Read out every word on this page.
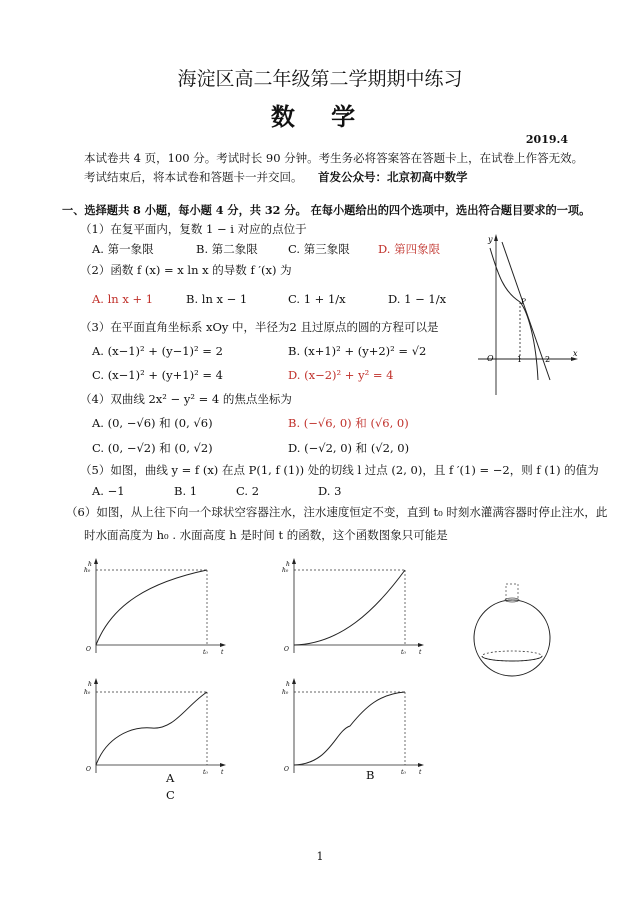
海淀区高二年级第二学期期中练习
数 学
2019.4
本试卷共 4 页，100 分。考试时长 90 分钟。考生务必将答案答在答题卡上，在试卷上作答无效。
考试结束后，将本试卷和答题卡一并交回。 首发公众号：北京初高中数学
一、选择题共 8 小题，每小题 4 分，共 32 分。 在每小题给出的四个选项中，选出符合题目要求的一项。
（1）在复平面内，复数 1 − i 对应的点位于
A. 第一象限	B. 第二象限	C. 第三象限 D. 第四象限
（2）函数 f (x) = x ln x 的导数 f ′(x) 为
A. ln x + 1	B. ln x − 1	C. 1 + 1/x	D. 1 − 1/x
（3）在平面直角坐标系 xOy 中，半径为2 且过原点的圆的方程可以是
A. (x−1)² + (y−1)² = 2	B. (x+1)² + (y+2)² = √2
C. (x−1)² + (y+1)² = 4	D. (x−2)² + y² = 4
（4）双曲线 2x² − y² = 4 的焦点坐标为
A. (0, −√6) 和 (0, √6)	B. (−√6, 0) 和 (√6, 0)
C. (0, −√2) 和 (0, √2)	D. (−√2, 0) 和 (√2, 0)
（5）如图，曲线 y = f (x) 在点 P(1, f (1)) 处的切线 l 过点 (2, 0)，且 f ′(1) = −2，则 f (1) 的值为
A. −1	B. 1	C. 2	D. 3
（6）如图，从上往下向一个球状空容器注水，注水速度恒定不变，直到 t₀ 时刻水灌满容器时停止注水，此
时水面高度为 h₀ . 水面高度 h 是时间 t 的函数，这个函数图象只可能是
y
x
O	1	2
P
h
h₀
O	t₀ t
h
h₀
O	t₀ t
h
h₀
O	t₀ t
h
h₀
O	t₀ t
A	B
C
1
